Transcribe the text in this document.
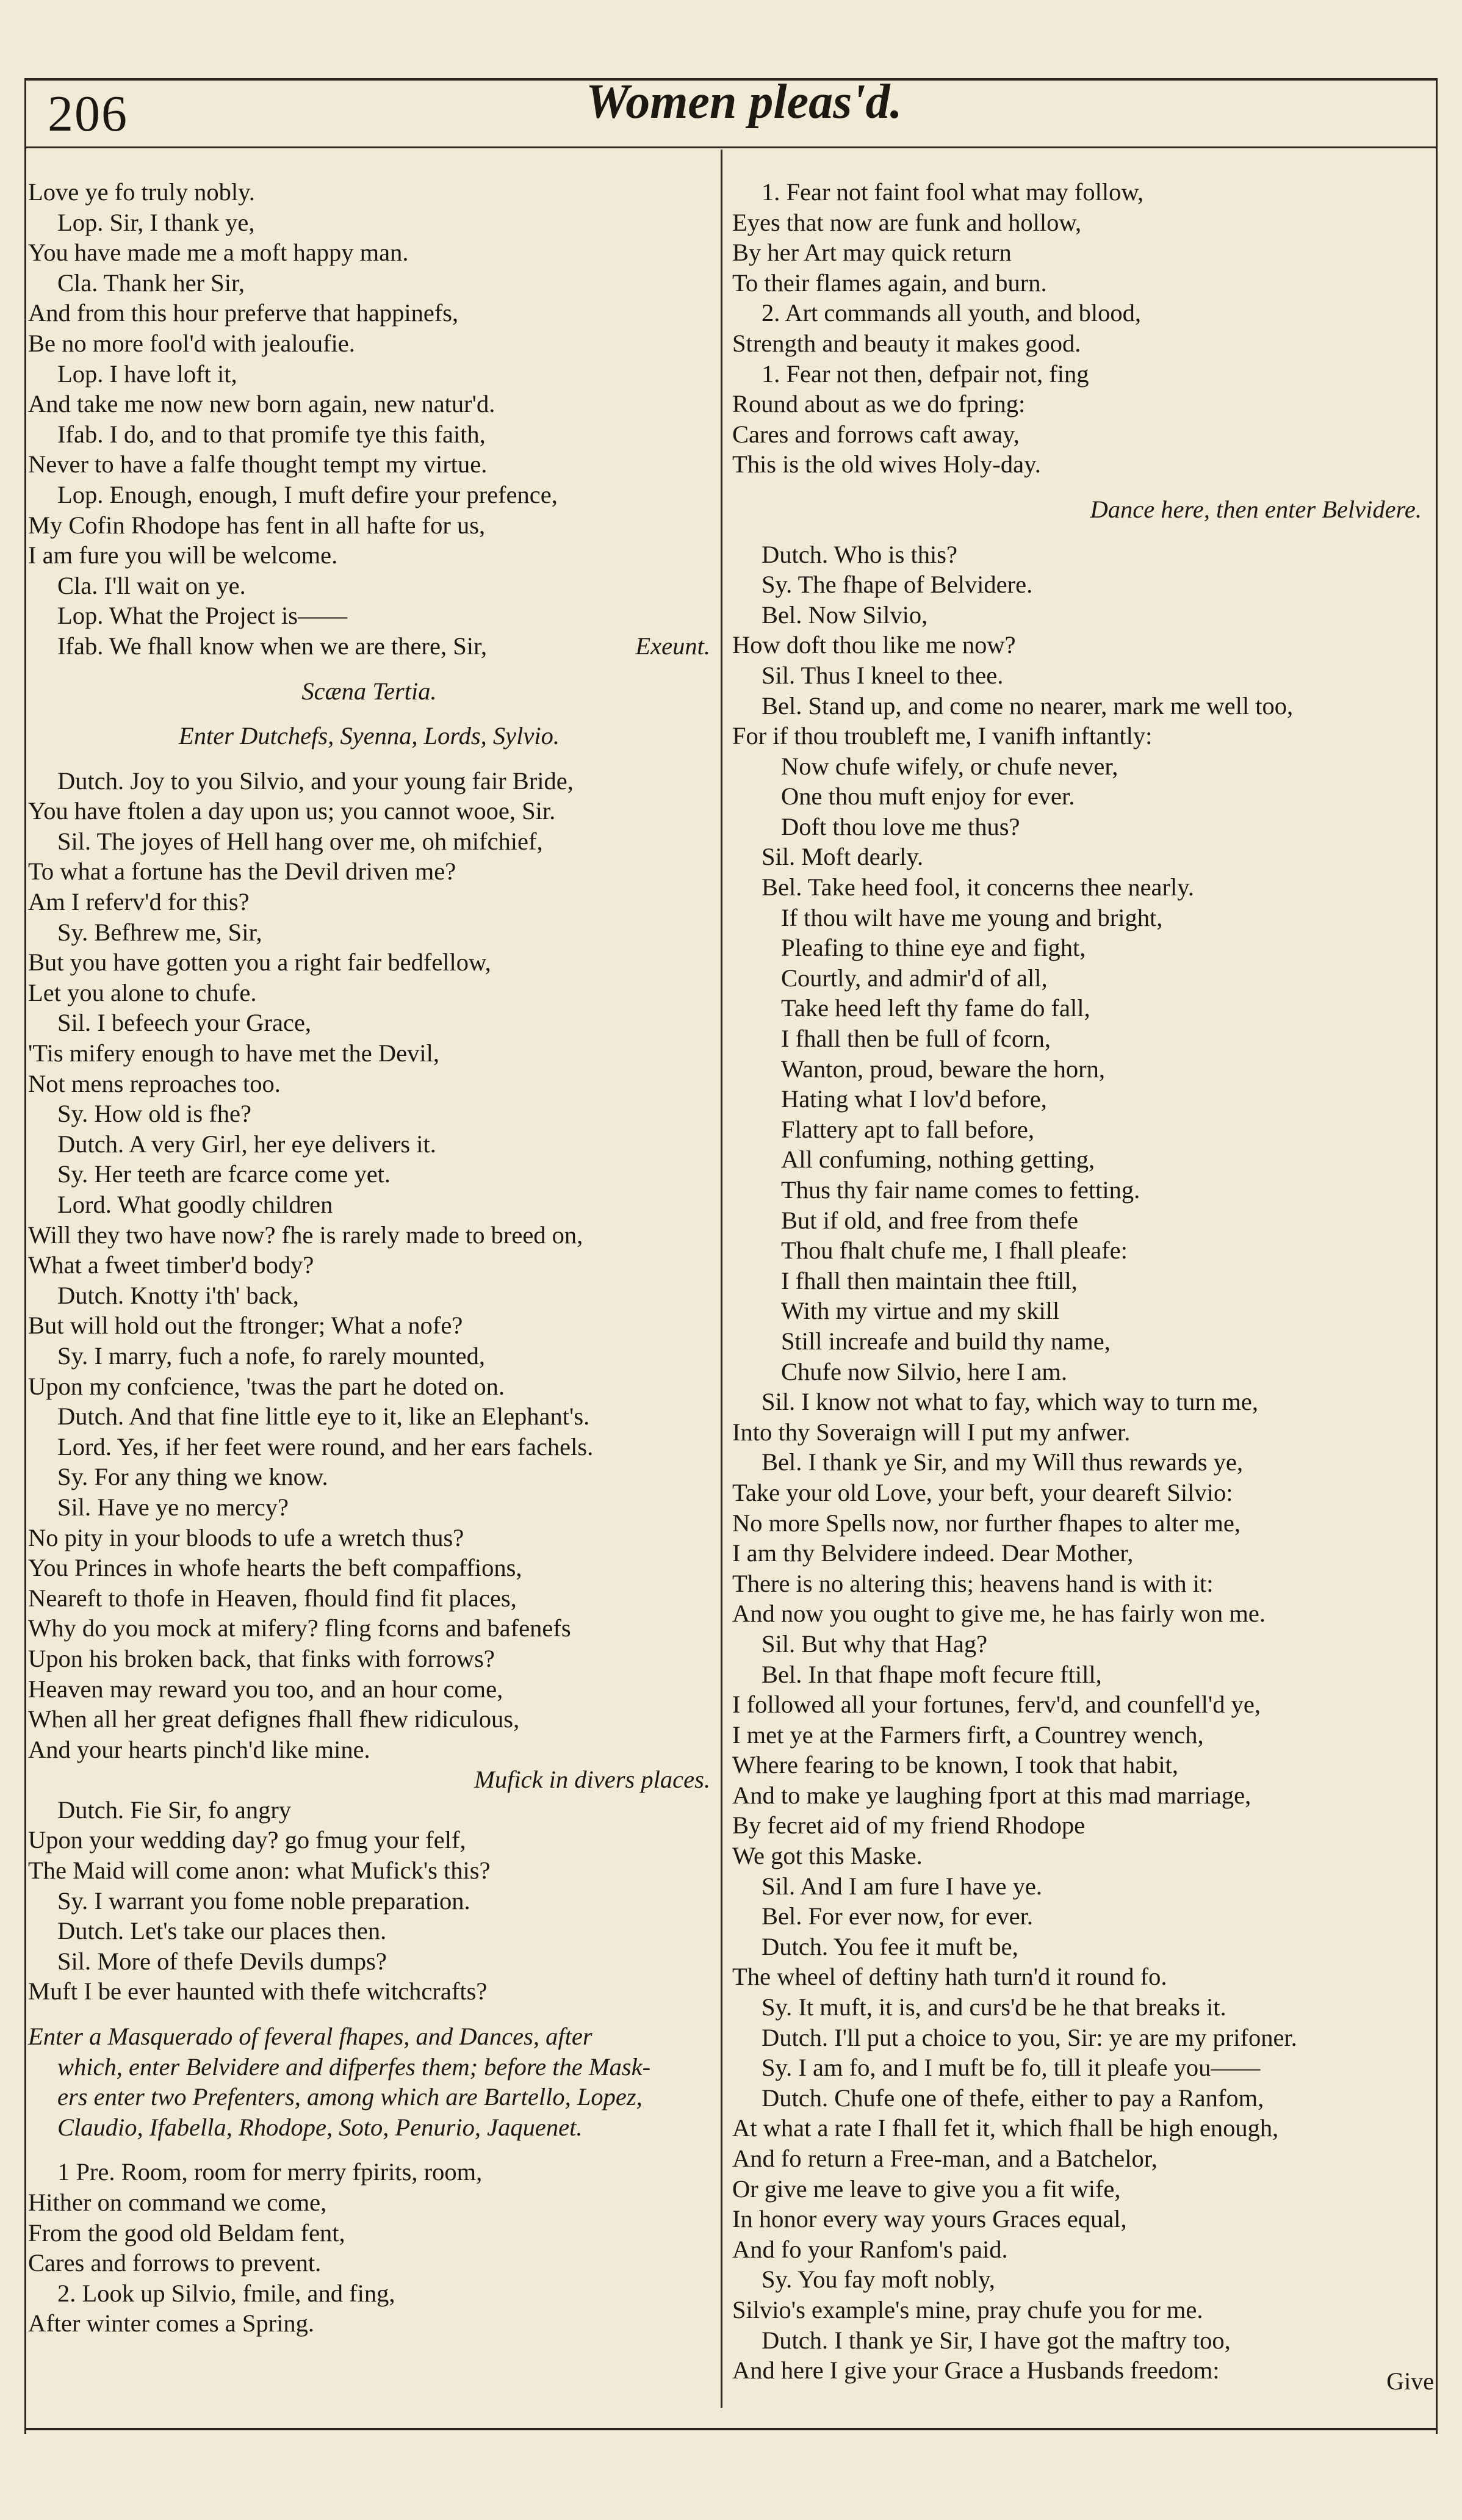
206	Women pleas'd.
Love ye fo truly nobly.
Lop. Sir, I thank ye,
You have made me a moft happy man.
Cla. Thank her Sir,
And from this hour preferve that happinefs,
Be no more fool'd with jealoufie.
Lop. I have loft it,
And take me now new born again, new natur'd.
Ifab. I do, and to that promife tye this faith,
Never to have a falfe thought tempt my virtue.
Lop. Enough, enough, I muft defire your prefence,
My Cofin Rhodope has fent in all hafte for us,
I am fure you will be welcome.
Cla. I'll wait on ye.
Lop. What the Project is——
Ifab. We fhall know when we are there, Sir,	Exeunt.
Scæna Tertia.
Enter Dutchefs, Syenna, Lords, Sylvio.
Dutch. Joy to you Silvio, and your young fair Bride,
You have ftolen a day upon us; you cannot wooe, Sir.
Sil. The joyes of Hell hang over me, oh mifchief,
To what a fortune has the Devil driven me?
Am I referv'd for this?
Sy. Befhrew me, Sir,
But you have gotten you a right fair bedfellow,
Let you alone to chufe.
Sil. I befeech your Grace,
'Tis mifery enough to have met the Devil,
Not mens reproaches too.
Sy. How old is fhe?
Dutch. A very Girl, her eye delivers it.
Sy. Her teeth are fcarce come yet.
Lord. What goodly children
Will they two have now? fhe is rarely made to breed on,
What a fweet timber'd body?
Dutch. Knotty i'th' back,
But will hold out the ftronger; What a nofe?
Sy. I marry, fuch a nofe, fo rarely mounted,
Upon my confcience, 'twas the part he doted on.
Dutch. And that fine little eye to it, like an Elephant's.
Lord. Yes, if her feet were round, and her ears fachels.
Sy. For any thing we know.
Sil. Have ye no mercy?
No pity in your bloods to ufe a wretch thus?
You Princes in whofe hearts the beft compaffions,
Neareft to thofe in Heaven, fhould find fit places,
Why do you mock at mifery? fling fcorns and bafenefs
Upon his broken back, that finks with forrows?
Heaven may reward you too, and an hour come,
When all her great defignes fhall fhew ridiculous,
And your hearts pinch'd like mine.
Mufick in divers places.
Dutch. Fie Sir, fo angry
Upon your wedding day? go fmug your felf,
The Maid will come anon: what Mufick's this?
Sy. I warrant you fome noble preparation.
Dutch. Let's take our places then.
Sil. More of thefe Devils dumps?
Muft I be ever haunted with thefe witchcrafts?
Enter a Masquerado of feveral fhapes, and Dances, after
which, enter Belvidere and difperfes them; before the Mask-
ers enter two Prefenters, among which are Bartello, Lopez,
Claudio, Ifabella, Rhodope, Soto, Penurio, Jaquenet.
1 Pre. Room, room for merry fpirits, room,
Hither on command we come,
From the good old Beldam fent,
Cares and forrows to prevent.
2. Look up Silvio, fmile, and fing,
After winter comes a Spring.
1. Fear not faint fool what may follow,
Eyes that now are funk and hollow,
By her Art may quick return
To their flames again, and burn.
2. Art commands all youth, and blood,
Strength and beauty it makes good.
1. Fear not then, defpair not, fing
Round about as we do fpring:
Cares and forrows caft away,
This is the old wives Holy-day.
Dance here, then enter Belvidere.
Dutch. Who is this?
Sy. The fhape of Belvidere.
Bel. Now Silvio,
How doft thou like me now?
Sil. Thus I kneel to thee.
Bel. Stand up, and come no nearer, mark me well too,
For if thou troubleft me, I vanifh inftantly:
Now chufe wifely, or chufe never,
One thou muft enjoy for ever.
Doft thou love me thus?
Sil. Moft dearly.
Bel. Take heed fool, it concerns thee nearly.
If thou wilt have me young and bright,
Pleafing to thine eye and fight,
Courtly, and admir'd of all,
Take heed left thy fame do fall,
I fhall then be full of fcorn,
Wanton, proud, beware the horn,
Hating what I lov'd before,
Flattery apt to fall before,
All confuming, nothing getting,
Thus thy fair name comes to fetting.
But if old, and free from thefe
Thou fhalt chufe me, I fhall pleafe:
I fhall then maintain thee ftill,
With my virtue and my skill
Still increafe and build thy name,
Chufe now Silvio, here I am.
Sil. I know not what to fay, which way to turn me,
Into thy Soveraign will I put my anfwer.
Bel. I thank ye Sir, and my Will thus rewards ye,
Take your old Love, your beft, your deareft Silvio:
No more Spells now, nor further fhapes to alter me,
I am thy Belvidere indeed. Dear Mother,
There is no altering this; heavens hand is with it:
And now you ought to give me, he has fairly won me.
Sil. But why that Hag?
Bel. In that fhape moft fecure ftill,
I followed all your fortunes, ferv'd, and counfell'd ye,
I met ye at the Farmers firft, a Countrey wench,
Where fearing to be known, I took that habit,
And to make ye laughing fport at this mad marriage,
By fecret aid of my friend Rhodope
We got this Maske.
Sil. And I am fure I have ye.
Bel. For ever now, for ever.
Dutch. You fee it muft be,
The wheel of deftiny hath turn'd it round fo.
Sy. It muft, it is, and curs'd be he that breaks it.
Dutch. I'll put a choice to you, Sir: ye are my prifoner.
Sy. I am fo, and I muft be fo, till it pleafe you——
Dutch. Chufe one of thefe, either to pay a Ranfom,
At what a rate I fhall fet it, which fhall be high enough,
And fo return a Free-man, and a Batchelor,
Or give me leave to give you a fit wife,
In honor every way yours Graces equal,
And fo your Ranfom's paid.
Sy. You fay moft nobly,
Silvio's example's mine, pray chufe you for me.
Dutch. I thank ye Sir, I have got the maftry too,
And here I give your Grace a Husbands freedom:	Give
